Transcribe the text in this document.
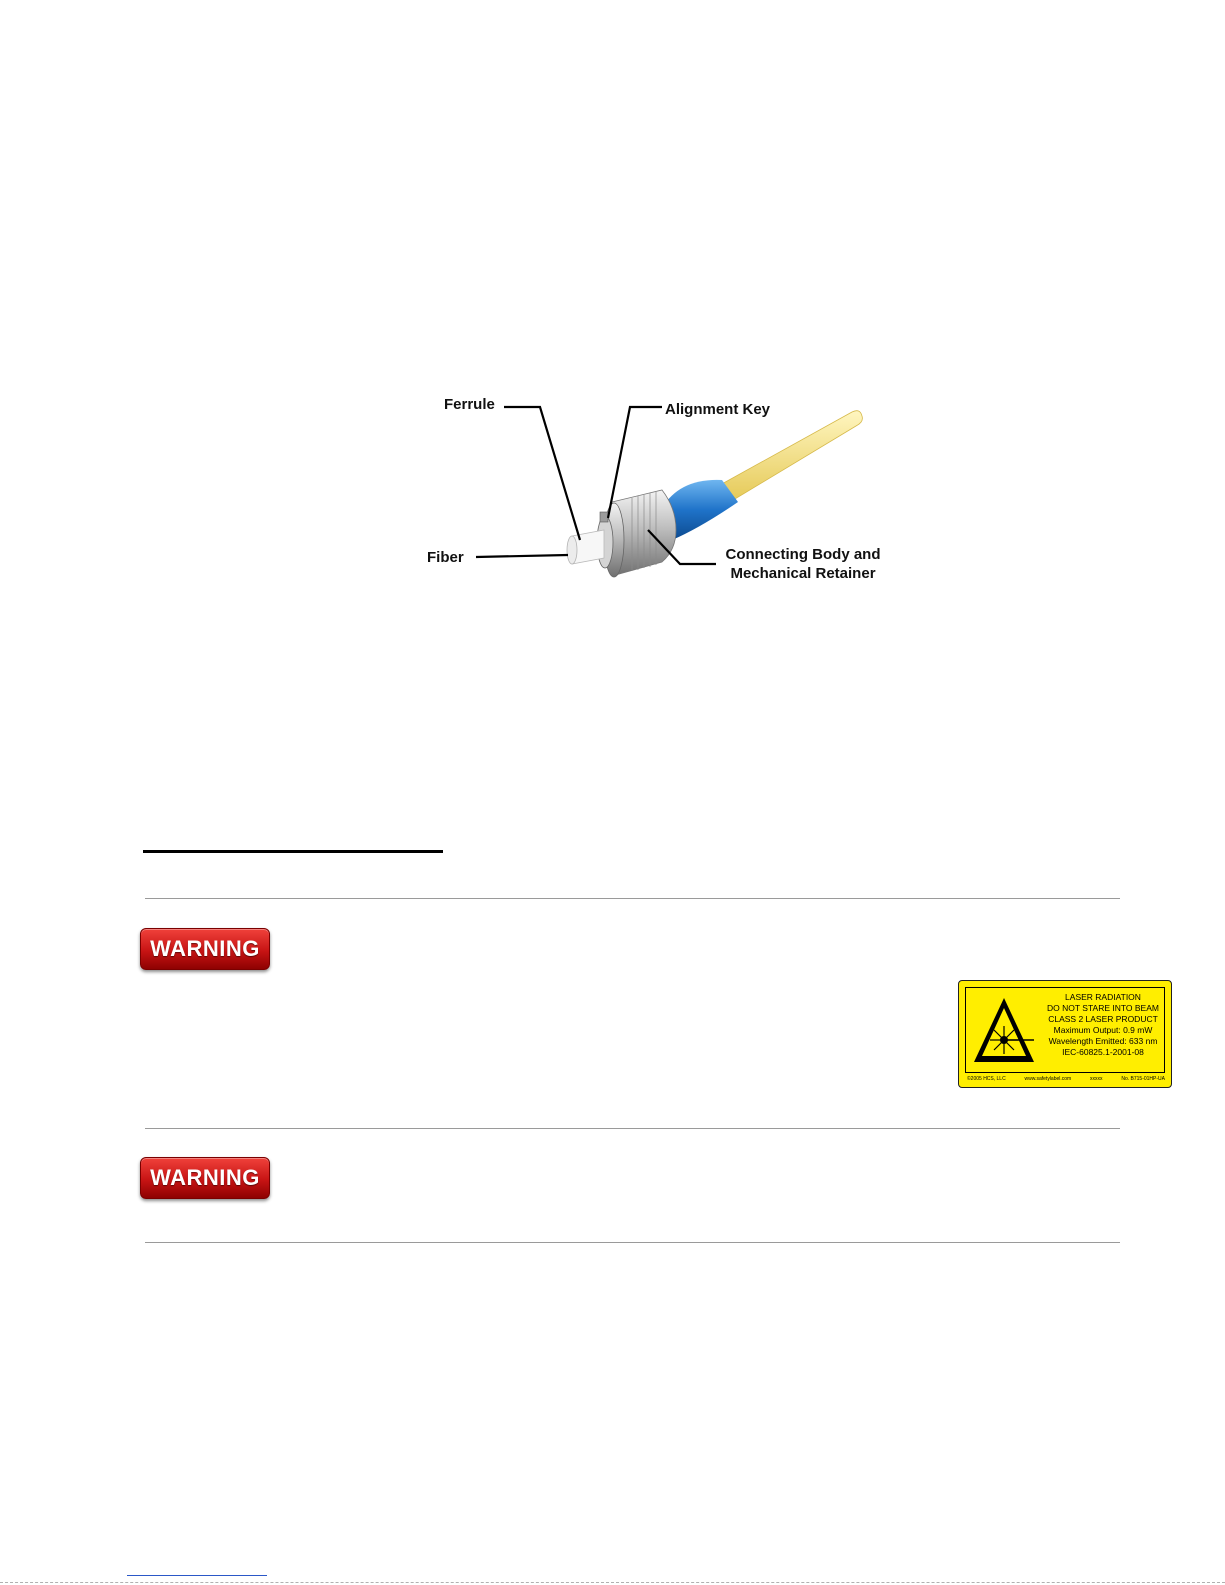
Ferrule	Alignment Key
Fiber	Connecting Body and
Mechanical Retainer
WARNING
LASER RADIATION
DO NOT STARE INTO BEAM
CLASS 2 LASER PRODUCT
Maximum Output: 0.9 mW
Wavelength Emitted: 633 nm
IEC-60825.1-2001-08
©2005 HCS, LLC	www.safetylabel.com	xxxxx	No. B715-01HP-UA
WARNING
